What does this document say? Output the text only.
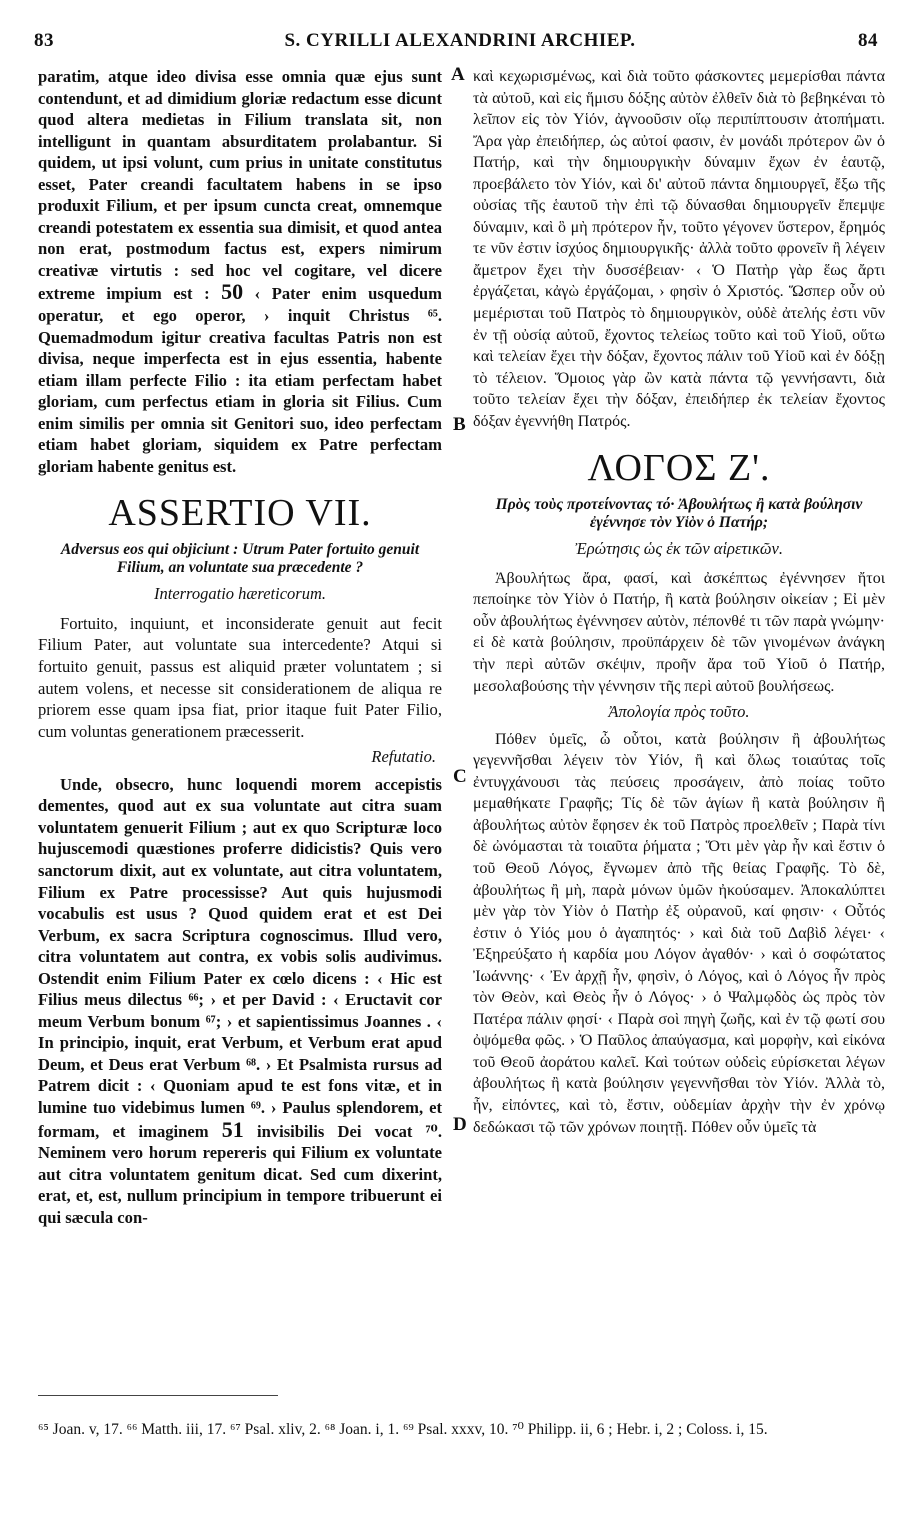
83	S. CYRILLI ALEXANDRINI ARCHIEP.	84
A
B
C
D

paratim, atque ideo divisa esse omnia quæ ejus sunt contendunt, et ad dimidium gloriæ redactum esse dicunt quod altera medietas in Filium translata sit, non intelligunt in quantam absurditatem prolabantur. Si quidem, ut ipsi volunt, cum prius in unitate constitutus esset, Pater creandi facultatem habens in se ipso produxit Filium, et per ipsum cuncta creat, omnemque creandi potestatem ex essentia sua dimisit, et quod antea non erat, postmodum factus est, expers nimirum creativæ virtutis : sed hoc vel cogitare, vel dicere extreme impium est : 50 ‹ Pater enim usquedum operatur, et ego operor, › inquit Christus ⁶⁵. Quemadmodum igitur creativa facultas Patris non est divisa, neque imperfecta est in ejus essentia, habente etiam illam perfecte Filio : ita etiam perfectam habet gloriam, cum perfectus etiam in gloria sit Filius. Cum enim similis per omnia sit Genitori suo, ideo perfectam etiam habet gloriam, siquidem ex Patre perfectam gloriam habente genitus est.

ASSERTIO VII.
Adversus eos qui objiciunt : Utrum Pater fortuito genuit Filium, an voluntate sua præcedente ?
Interrogatio hæreticorum.

Fortuito, inquiunt, et inconsiderate genuit aut fecit Filium Pater, aut voluntate sua intercedente? Atqui si fortuito genuit, passus est aliquid præter voluntatem ; si autem volens, et necesse sit considerationem de aliqua re priorem esse quam ipsa fiat, prior itaque fuit Pater Filio, cum voluntas generationem præcesserit.

Refutatio.

Unde, obsecro, hunc loquendi morem accepistis dementes, quod aut ex sua voluntate aut citra suam voluntatem genuerit Filium ; aut ex quo Scripturæ loco hujuscemodi quæstiones proferre didicistis? Quis vero sanctorum dixit, aut ex voluntate, aut citra voluntatem, Filium ex Patre processisse? Aut quis hujusmodi vocabulis est usus ? Quod quidem erat et est Dei Verbum, ex sacra Scriptura cognoscimus. Illud vero, citra voluntatem aut contra, ex vobis solis audivimus. Ostendit enim Filium Pater ex cœlo dicens : ‹ Hic est Filius meus dilectus ⁶⁶; › et per David : ‹ Eructavit cor meum Verbum bonum ⁶⁷; › et sapientissimus Joannes . ‹ In principio, inquit, erat Verbum, et Verbum erat apud Deum, et Deus erat Verbum ⁶⁸. › Et Psalmista rursus ad Patrem dicit : ‹ Quoniam apud te est fons vitæ, et in lumine tuo videbimus lumen ⁶⁹. › Paulus splendorem, et formam, et imaginem 51 invisibilis Dei vocat ⁷⁰. Neminem vero horum repereris qui Filium ex voluntate aut citra voluntatem genitum dicat. Sed cum dixerint, erat, et, est, nullum principium in tempore tribuerunt ei qui sæcula con-

καὶ κεχωρισμένως, καὶ διὰ τοῦτο φάσκοντες μεμερίσθαι πάντα τὰ αὐτοῦ, καὶ εἰς ἥμισυ δόξης αὐτὸν ἐλθεῖν διὰ τὸ βεβηκέναι τὸ λεῖπον εἰς τὸν Υἱόν, ἀγνοοῦσιν οἵῳ περιπίπτουσιν ἀτοπήματι. Ἄρα γὰρ ἐπειδήπερ, ὡς αὐτοί φασιν, ἐν μονάδι πρότερον ὢν ὁ Πατήρ, καὶ τὴν δημιουργικὴν δύναμιν ἔχων ἐν ἑαυτῷ, προεβάλετο τὸν Υἱόν, καὶ δι' αὐτοῦ πάντα δημιουργεῖ, ἔξω τῆς οὐσίας τῆς ἑαυτοῦ τὴν ἐπὶ τῷ δύνασθαι δημιουργεῖν ἔπεμψε δύναμιν, καὶ ὃ μὴ πρότερον ἦν, τοῦτο γέγονεν ὕστερον, ἔρημός τε νῦν ἐστιν ἰσχύος δημιουργικῆς· ἀλλὰ τοῦτο φρονεῖν ἢ λέγειν ἄμετρον ἔχει τὴν δυσσέβειαν· ‹ Ὁ Πατὴρ γὰρ ἕως ἄρτι ἐργάζεται, κἀγὼ ἐργάζομαι, › φησὶν ὁ Χριστός. Ὥσπερ οὖν οὐ μεμέρισται τοῦ Πατρὸς τὸ δημιουργικὸν, οὐδὲ ἀτελής ἐστι νῦν ἐν τῇ οὐσίᾳ αὐτοῦ, ἔχοντος τελείως τοῦτο καὶ τοῦ Υἱοῦ, οὕτω καὶ τελείαν ἔχει τὴν δόξαν, ἔχοντος πάλιν τοῦ Υἱοῦ καὶ ἐν δόξῃ τὸ τέλειον. Ὅμοιος γὰρ ὢν κατὰ πάντα τῷ γεννήσαντι, διὰ τοῦτο τελείαν ἔχει τὴν δόξαν, ἐπειδήπερ ἐκ τελείαν ἔχοντος δόξαν ἐγεννήθη Πατρός.

ΛΟΓΟΣ Ζ'.
Πρὸς τοὺς προτείνοντας τό· Ἀβουλήτως ἢ κατὰ βούλησιν ἐγέννησε τὸν Υἱὸν ὁ Πατήρ;
Ἐρώτησις ὡς ἐκ τῶν αἱρετικῶν.

Ἀβουλήτως ἄρα, φασί, καὶ ἀσκέπτως ἐγέννησεν ἤτοι πεποίηκε τὸν Υἱὸν ὁ Πατήρ, ἢ κατὰ βούλησιν οἰκείαν ; Εἰ μὲν οὖν ἀβουλήτως ἐγέννησεν αὐτὸν, πέπονθέ τι τῶν παρὰ γνώμην· εἰ δὲ κατὰ βούλησιν, προϋπάρχειν δὲ τῶν γινομένων ἀνάγκη τὴν περὶ αὐτῶν σκέψιν, προῆν ἄρα τοῦ Υἱοῦ ὁ Πατήρ, μεσολαβούσης τὴν γέννησιν τῆς περὶ αὐτοῦ βουλήσεως.

Ἀπολογία πρὸς τοῦτο.

Πόθεν ὑμεῖς, ὦ οὗτοι, κατὰ βούλησιν ἢ ἀβουλήτως γεγεννῆσθαι λέγειν τὸν Υἱόν, ἢ καὶ ὅλως τοιαύτας τοῖς ἐντυγχάνουσι τὰς πεύσεις προσάγειν, ἀπὸ ποίας τοῦτο μεμαθήκατε Γραφῆς; Τίς δὲ τῶν ἁγίων ἢ κατὰ βούλησιν ἢ ἀβουλήτως αὐτὸν ἔφησεν ἐκ τοῦ Πατρὸς προελθεῖν ; Παρὰ τίνι δὲ ὠνόμασται τὰ τοιαῦτα ῥήματα ; Ὅτι μὲν γὰρ ἦν καὶ ἔστιν ὁ τοῦ Θεοῦ Λόγος, ἔγνωμεν ἀπὸ τῆς θείας Γραφῆς. Τὸ δὲ, ἀβουλήτως ἢ μὴ, παρὰ μόνων ὑμῶν ἠκούσαμεν. Ἀποκαλύπτει μὲν γὰρ τὸν Υἱὸν ὁ Πατὴρ ἐξ οὐρανοῦ, καί φησιν· ‹ Οὗτός ἐστιν ὁ Υἱός μου ὁ ἀγαπητός· › καὶ διὰ τοῦ Δαβὶδ λέγει· ‹ Ἐξηρεύξατο ἡ καρδία μου Λόγον ἀγαθόν· › καὶ ὁ σοφώτατος Ἰωάννης· ‹ Ἐν ἀρχῇ ἦν, φησὶν, ὁ Λόγος, καὶ ὁ Λόγος ἦν πρὸς τὸν Θεὸν, καὶ Θεὸς ἦν ὁ Λόγος· › ὁ Ψαλμῳδὸς ὡς πρὸς τὸν Πατέρα πάλιν φησί· ‹ Παρὰ σοὶ πηγὴ ζωῆς, καὶ ἐν τῷ φωτί σου ὀψόμεθα φῶς. › Ὁ Παῦλος ἀπαύγασμα, καὶ μορφὴν, καὶ εἰκόνα τοῦ Θεοῦ ἀοράτου καλεῖ. Καὶ τούτων οὐδεὶς εὑρίσκεται λέγων ἀβουλήτως ἢ κατὰ βούλησιν γεγεννῆσθαι τὸν Υἱόν. Ἀλλὰ τὸ, ἦν, εἰπόντες, καὶ τὸ, ἔστιν, οὐδεμίαν ἀρχὴν τὴν ἐν χρόνῳ δεδώκασι τῷ τῶν χρόνων ποιητῇ. Πόθεν οὖν ὑμεῖς τὰ

⁶⁵ Joan. v, 17. ⁶⁶ Matth. iii, 17. ⁶⁷ Psal. xliv, 2. ⁶⁸ Joan. i, 1. ⁶⁹ Psal. xxxv, 10. ⁷⁰ Philipp. ii, 6 ; Hebr. i, 2 ; Coloss. i, 15.
